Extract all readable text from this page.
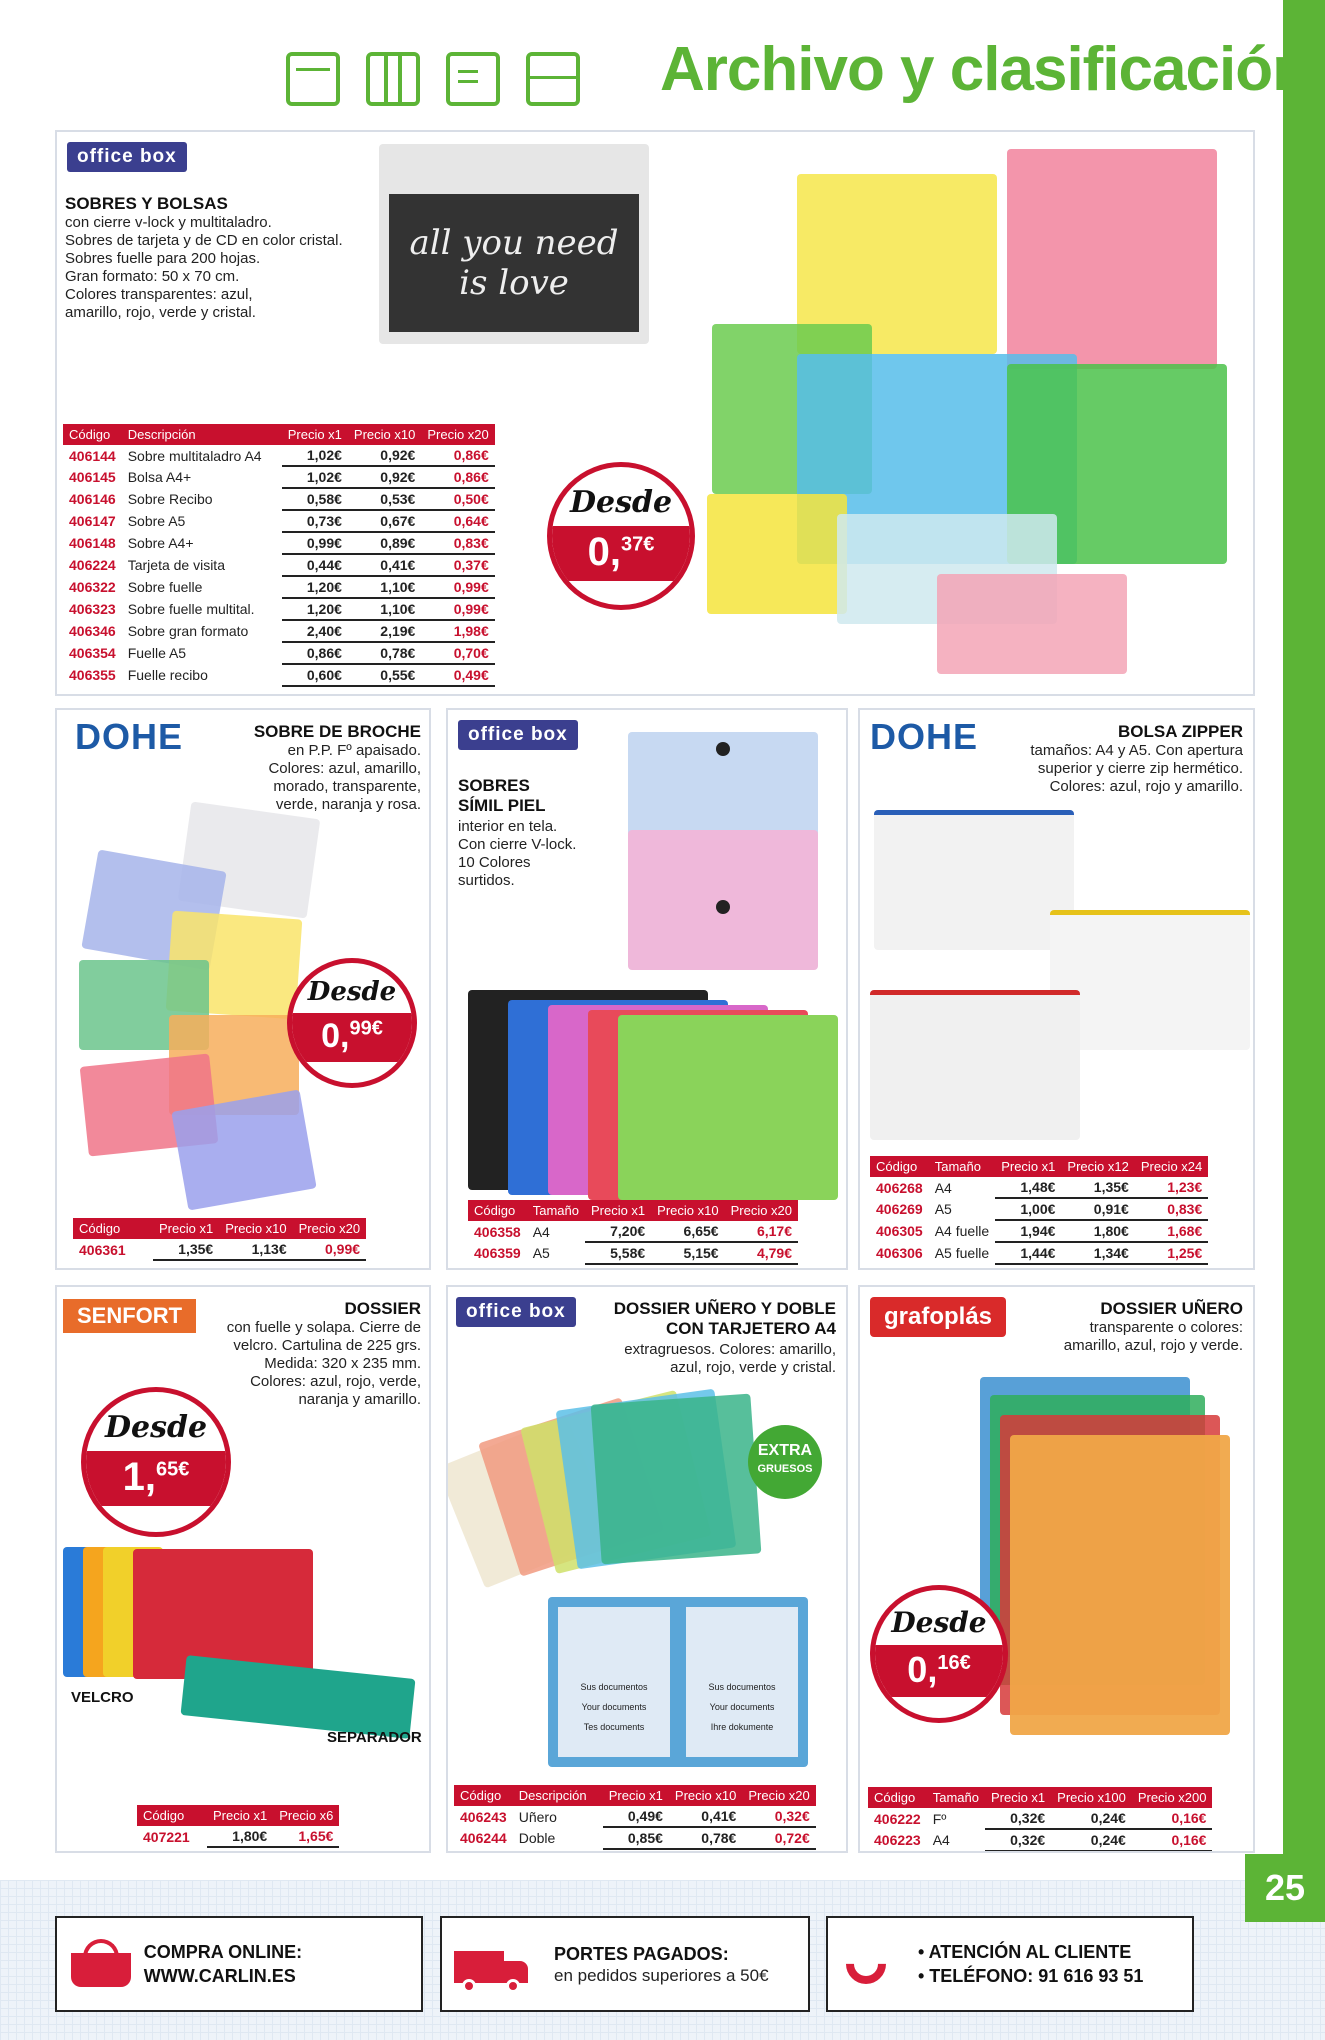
Archivo y clasificación
office box
SOBRES Y BOLSAS
con cierre v-lock y multitaladro.
Sobres de tarjeta y de CD en color cristal.
Sobres fuelle para 200 hojas.
Gran formato: 50 x 70 cm.
Colores transparentes: azul,
amarillo, rojo, verde y cristal.
all you need is love
Código	Descripción	Precio x1	Precio x10	Precio x20
406144	Sobre multitaladro A4	1,02€	0,92€	0,86€
406145	Bolsa A4+	1,02€	0,92€	0,86€
406146	Sobre Recibo	0,58€	0,53€	0,50€
406147	Sobre A5	0,73€	0,67€	0,64€
406148	Sobre A4+	0,99€	0,89€	0,83€
406224	Tarjeta de visita	0,44€	0,41€	0,37€
406322	Sobre fuelle	1,20€	1,10€	0,99€
406323	Sobre fuelle multital.	1,20€	1,10€	0,99€
406346	Sobre gran formato	2,40€	2,19€	1,98€
406354	Fuelle A5	0,86€	0,78€	0,70€
406355	Fuelle recibo	0,60€	0,55€	0,49€
Desde
0,$^{37€}$
DOHE	SOBRE DE BROCHE
en P.P. Fº apaisado.
Colores: azul, amarillo,
morado, transparente,
verde, naranja y rosa.
Desde
0,$^{99€}$
Código	Precio x1	Precio x10	Precio x20
406361	1,35€	1,13€	0,99€
office box
SOBRES
SÍMIL PIEL
interior en tela.
Con cierre V-lock.
10 Colores
surtidos.
Código	Tamaño	Precio x1	Precio x10	Precio x20
406358	A4	7,20€	6,65€	6,17€
406359	A5	5,58€	5,15€	4,79€
DOHE	BOLSA ZIPPER
tamaños: A4 y A5. Con apertura
superior y cierre zip hermético.
Colores: azul, rojo y amarillo.
Código	Tamaño	Precio x1	Precio x12	Precio x24
406268	A4	1,48€	1,35€	1,23€
406269	A5	1,00€	0,91€	0,83€
406305	A4 fuelle	1,94€	1,80€	1,68€
406306	A5 fuelle	1,44€	1,34€	1,25€
SENFORT	DOSSIER
con fuelle y solapa. Cierre de
velcro. Cartulina de 225 grs.
Medida: 320 x 235 mm.
Colores: azul, rojo, verde,
naranja y amarillo.
Desde
1,$^{65€}$
VELCRO
SEPARADOR
Código	Precio x1	Precio x6
407221	1,80€	1,65€
office box	DOSSIER UÑERO Y DOBLE
CON TARJETERO A4
extragruesos. Colores: amarillo,
azul, rojo, verde y cristal.
EXTRA
GRUESOS
Sus documentos
Your documents
Tes documents
Sus documentos
Your documents
Ihre dokumente
Código	Descripción	Precio x1	Precio x10	Precio x20
406243	Uñero	0,49€	0,41€	0,32€
406244	Doble	0,85€	0,78€	0,72€
grafoplás	DOSSIER UÑERO
transparente o colores:
amarillo, azul, rojo y verde.
Desde
0,$^{16€}$
Código	Tamaño	Precio x1	Precio x100	Precio x200
406222	Fº	0,32€	0,24€	0,16€
406223	A4	0,32€	0,24€	0,16€
COMPRA ONLINE: WWW.CARLIN.ES
PORTES PAGADOS:
en pedidos superiores a 50€
• ATENCIÓN AL CLIENTE
• TELÉFONO: 91 616 93 51
25
